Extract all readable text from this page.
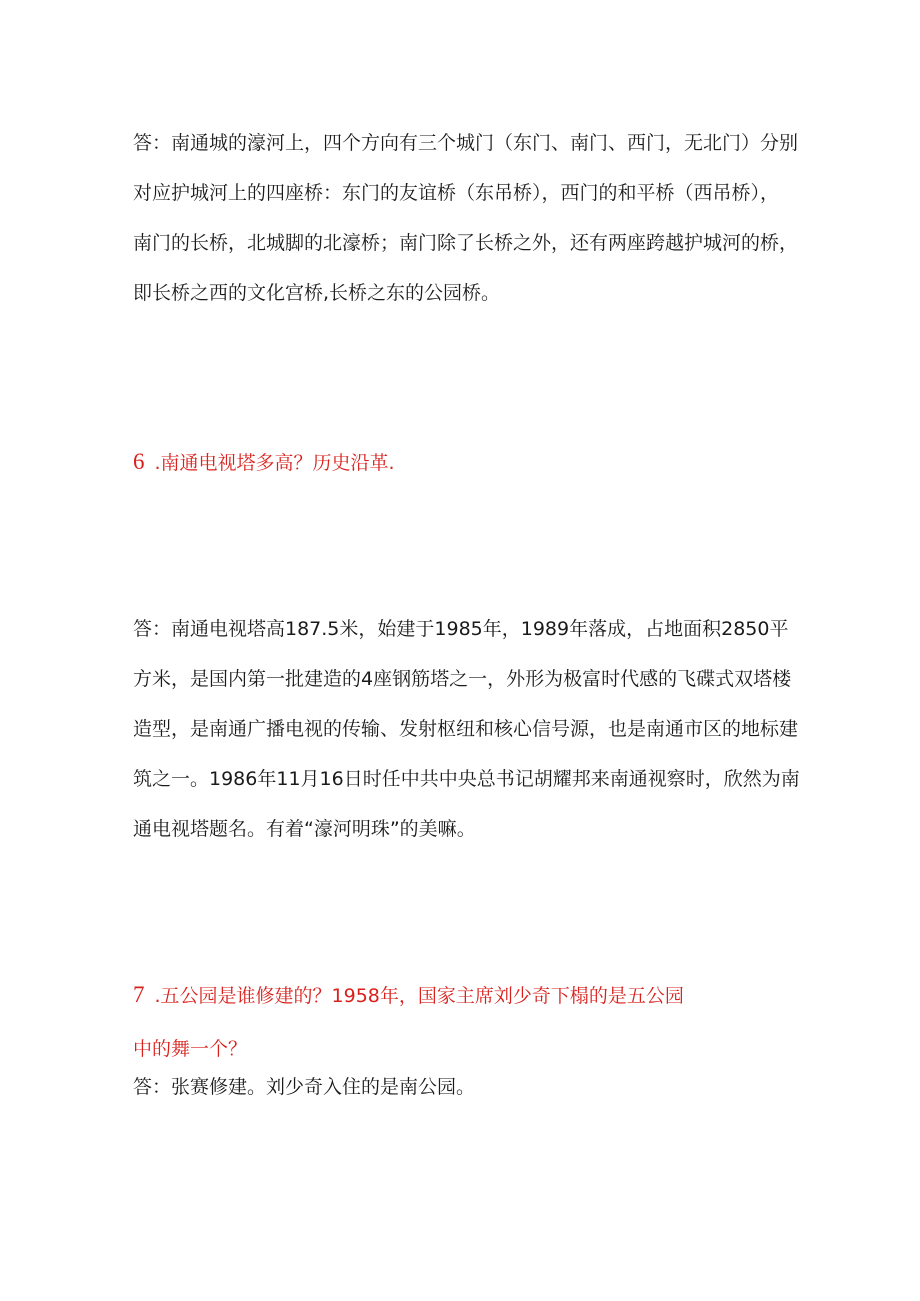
答：南通城的濠河上，四个方向有三个城门（东门、南门、西门，无北门）分别
对应护城河上的四座桥：东门的友谊桥（东吊桥），西门的和平桥（西吊桥），
南门的长桥，北城脚的北濠桥；南门除了长桥之外，还有两座跨越护城河的桥，
即长桥之西的文化宫桥,长桥之东的公园桥。
6 .南通电视塔多高？历史沿革.
答：南通电视塔高187.5米，始建于1985年，1989年落成，占地面积2850平
方米，是国内第一批建造的4座钢筋塔之一，外形为极富时代感的飞碟式双塔楼
造型，是南通广播电视的传输、发射枢纽和核心信号源，也是南通市区的地标建
筑之一。1986年11月16日时任中共中央总书记胡耀邦来南通视察时，欣然为南
通电视塔题名。有着“濠河明珠”的美嘛。
7 .五公园是谁修建的？1958年，国家主席刘少奇下榻的是五公园
中的舞一个？
答：张赛修建。刘少奇入住的是南公园。
